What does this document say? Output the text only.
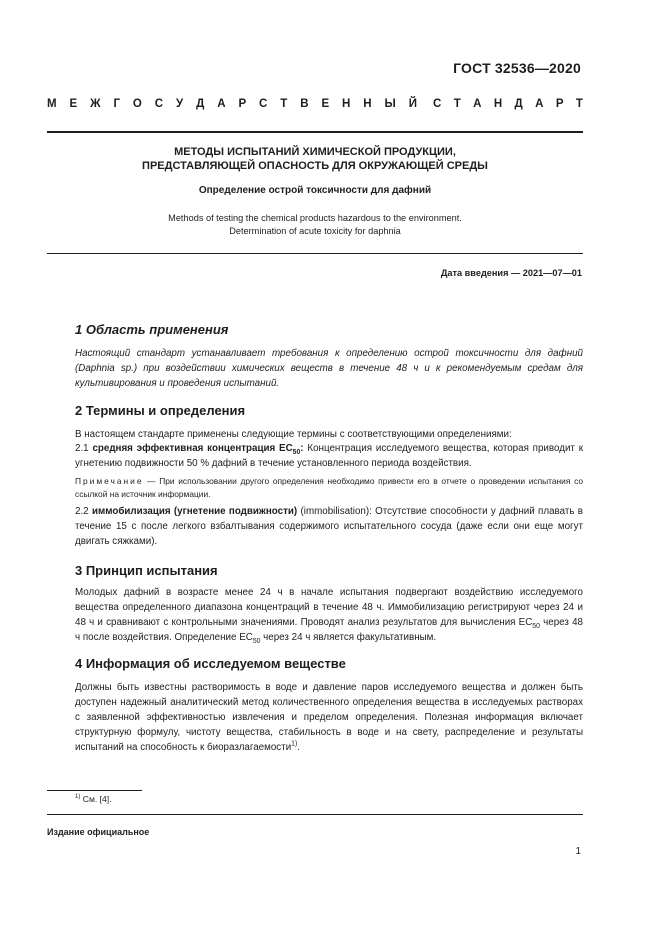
ГОСТ 32536—2020
М Е Ж Г О С У Д А Р С Т В Е Н Н Ы Й С Т А Н Д А Р Т
МЕТОДЫ ИСПЫТАНИЙ ХИМИЧЕСКОЙ ПРОДУКЦИИ,
ПРЕДСТАВЛЯЮЩЕЙ ОПАСНОСТЬ ДЛЯ ОКРУЖАЮЩЕЙ СРЕДЫ
Определение острой токсичности для дафний
Methods of testing the chemical products hazardous to the environment.
Determination of acute toxicity for daphnia
Дата введения — 2021—07—01
1 Область применения
Настоящий стандарт устанавливает требования к определению острой токсичности для дафний (Daphnia sp.) при воздействии химических веществ в течение 48 ч и к рекомендуемым средам для культивирования и проведения испытаний.
2 Термины и определения
В настоящем стандарте применены следующие термины с соответствующими определениями:
2.1 средняя эффективная концентрация $EC_{50}$: Концентрация исследуемого вещества, которая приводит к угнетению подвижности 50 % дафний в течение установленного периода воздействия.
Примечание — При использовании другого определения необходимо привести его в отчете о проведении испытания со ссылкой на источник информации.
2.2 иммобилизация (угнетение подвижности) (immobilisation): Отсутствие способности у дафний плавать в течение 15 с после легкого взбалтывания содержимого испытательного сосуда (даже если они еще могут двигать сяжками).
3 Принцип испытания
Молодых дафний в возрасте менее 24 ч в начале испытания подвергают воздействию исследуемого вещества определенного диапазона концентраций в течение 48 ч. Иммобилизацию регистрируют через 24 и 48 ч и сравнивают с контрольными значениями. Проводят анализ результатов для вычисления $EC_{50}$ через 48 ч после воздействия. Определение $EC_{50}$ через 24 ч является факультативным.
4 Информация об исследуемом веществе
Должны быть известны растворимость в воде и давление паров исследуемого вещества и должен быть доступен надежный аналитический метод количественного определения вещества в исследуемых растворах с заявленной эффективностью извлечения и пределом определения. Полезная информация включает структурную формулу, чистоту вещества, стабильность в воде и на свету, распределение и результаты испытаний на способность к биоразлагаемости$^{1)}$.
$^{1)}$ См. [4].
Издание официальное
1
